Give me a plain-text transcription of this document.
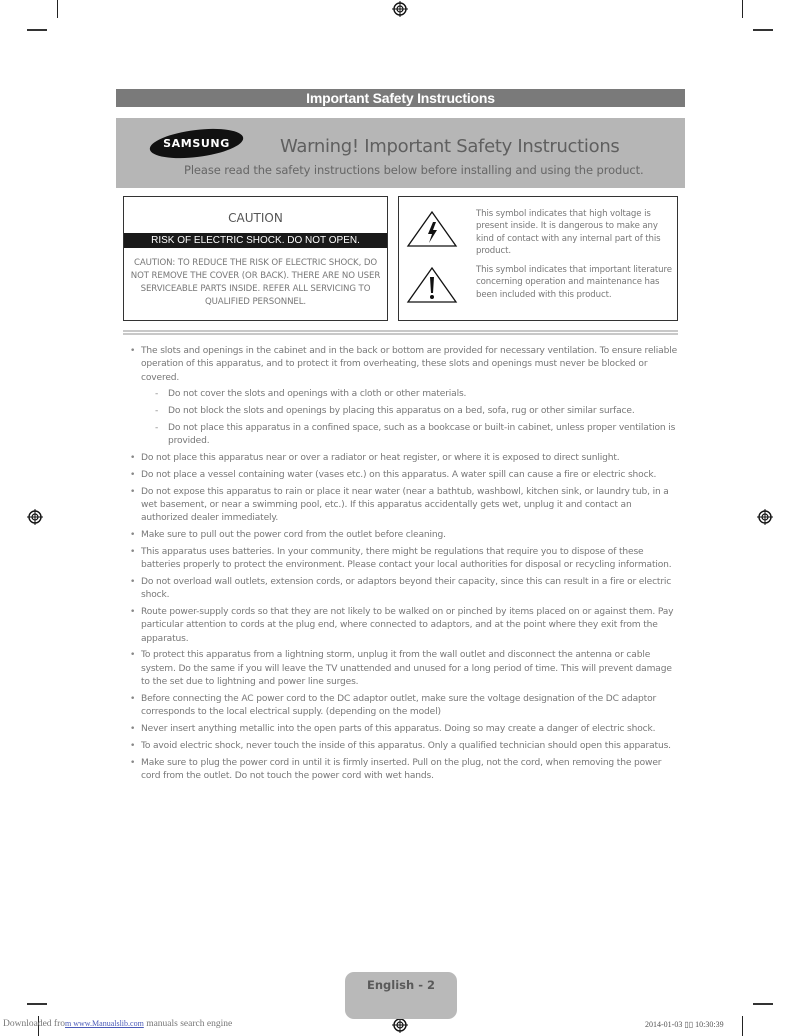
Important Safety Instructions
SAMSUNG	Warning! Important Safety Instructions
Please read the safety instructions below before installing and using the product.
CAUTION
RISK OF ELECTRIC SHOCK. DO NOT OPEN.
CAUTION: TO REDUCE THE RISK OF ELECTRIC SHOCK, DO NOT REMOVE THE COVER (OR BACK). THERE ARE NO USER SERVICEABLE PARTS INSIDE. REFER ALL SERVICING TO QUALIFIED PERSONNEL.
This symbol indicates that high voltage is present inside. It is dangerous to make any kind of contact with any internal part of this product.
This symbol indicates that important literature concerning operation and maintenance has been included with this product.
• The slots and openings in the cabinet and in the back or bottom are provided for necessary ventilation. To ensure reliable operation of this apparatus, and to protect it from overheating, these slots and openings must never be blocked or covered.
- Do not cover the slots and openings with a cloth or other materials.
- Do not block the slots and openings by placing this apparatus on a bed, sofa, rug or other similar surface.
- Do not place this apparatus in a confined space, such as a bookcase or built-in cabinet, unless proper ventilation is provided.
• Do not place this apparatus near or over a radiator or heat register, or where it is exposed to direct sunlight.
• Do not place a vessel containing water (vases etc.) on this apparatus. A water spill can cause a fire or electric shock.
• Do not expose this apparatus to rain or place it near water (near a bathtub, washbowl, kitchen sink, or laundry tub, in a wet basement, or near a swimming pool, etc.). If this apparatus accidentally gets wet, unplug it and contact an authorized dealer immediately.
• Make sure to pull out the power cord from the outlet before cleaning.
• This apparatus uses batteries. In your community, there might be regulations that require you to dispose of these batteries properly to protect the environment. Please contact your local authorities for disposal or recycling information.
• Do not overload wall outlets, extension cords, or adaptors beyond their capacity, since this can result in a fire or electric shock.
• Route power-supply cords so that they are not likely to be walked on or pinched by items placed on or against them. Pay particular attention to cords at the plug end, where connected to adaptors, and at the point where they exit from the apparatus.
• To protect this apparatus from a lightning storm, unplug it from the wall outlet and disconnect the antenna or cable system. Do the same if you will leave the TV unattended and unused for a long period of time. This will prevent damage to the set due to lightning and power line surges.
• Before connecting the AC power cord to the DC adaptor outlet, make sure the voltage designation of the DC adaptor corresponds to the local electrical supply. (depending on the model)
• Never insert anything metallic into the open parts of this apparatus. Doing so may create a danger of electric shock.
• To avoid electric shock, never touch the inside of this apparatus. Only a qualified technician should open this apparatus.
• Make sure to plug the power cord in until it is firmly inserted. Pull on the plug, not the cord, when removing the power cord from the outlet. Do not touch the power cord with wet hands.
English - 2
Downloaded from www.Manualslib.com manuals search engine	2014-01-03 ▯▯ 10:30:39
